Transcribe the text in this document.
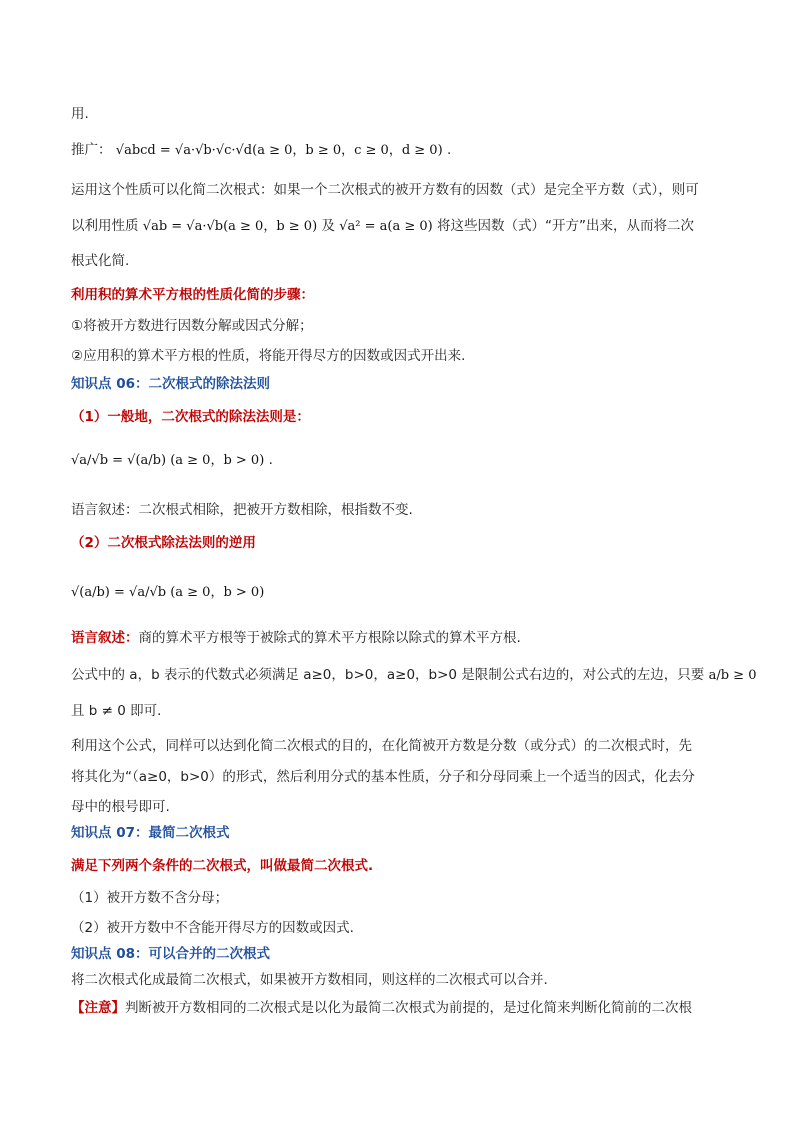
用.
推广： √abcd = √a·√b·√c·√d(a ≥ 0，b ≥ 0，c ≥ 0，d ≥ 0) .
运用这个性质可以化简二次根式：如果一个二次根式的被开方数有的因数（式）是完全平方数（式），则可
以利用性质 √ab = √a·√b(a ≥ 0，b ≥ 0) 及 √a² = a(a ≥ 0) 将这些因数（式）“开方”出来，从而将二次
根式化简.
利用积的算术平方根的性质化简的步骤：
①将被开方数进行因数分解或因式分解；
②应用积的算术平方根的性质，将能开得尽方的因数或因式开出来.
知识点 06：二次根式的除法法则
（1）一般地，二次根式的除法法则是：
√a/√b = √(a/b) (a ≥ 0，b > 0) .
语言叙述：二次根式相除，把被开方数相除，根指数不变.
（2）二次根式除法法则的逆用
√(a/b) = √a/√b (a ≥ 0，b > 0)
语言叙述：商的算术平方根等于被除式的算术平方根除以除式的算术平方根.
公式中的 a，b 表示的代数式必须满足 a≥0，b>0，a≥0，b>0 是限制公式右边的，对公式的左边，只要 a/b ≥ 0
且 b ≠ 0 即可.
利用这个公式，同样可以达到化简二次根式的目的，在化简被开方数是分数（或分式）的二次根式时，先
将其化为“（a≥0，b>0）的形式，然后利用分式的基本性质，分子和分母同乘上一个适当的因式，化去分
母中的根号即可.
知识点 07：最简二次根式
满足下列两个条件的二次根式，叫做最简二次根式.
（1）被开方数不含分母；
（2）被开方数中不含能开得尽方的因数或因式.
知识点 08：可以合并的二次根式
将二次根式化成最简二次根式，如果被开方数相同，则这样的二次根式可以合并.
【注意】判断被开方数相同的二次根式是以化为最简二次根式为前提的，是过化简来判断化简前的二次根
